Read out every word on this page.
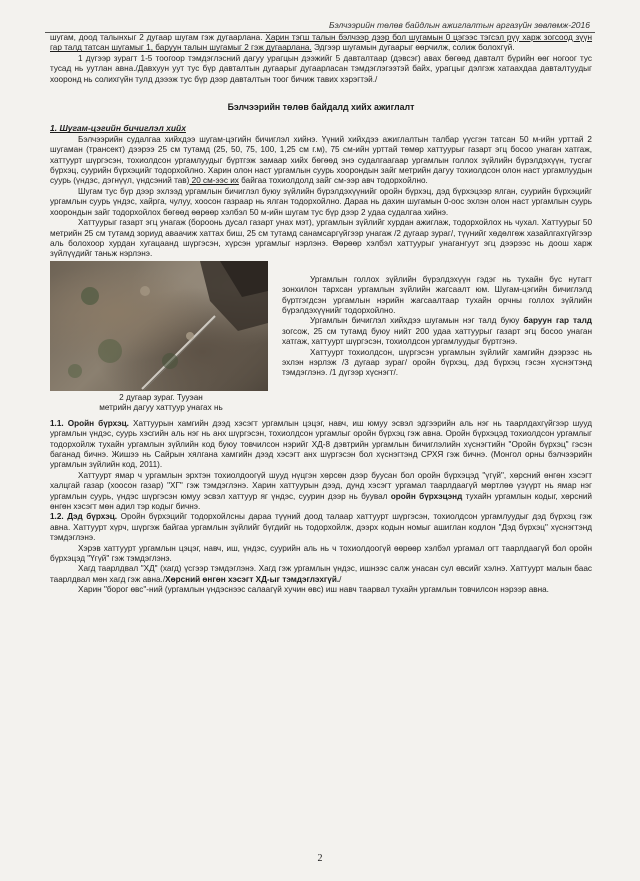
Бэлчээрийн төлөв байдлын ажиглалтын аргазүйн зөвлөмж-2016

шугам, доод талынхыг 2 дугаар шугам гэж дугаарлана. Харин тэгш талын бэлчээр дээр бол шугамын 0 цэгээс тэгсэл рүү харж зогсоод зүүн гар талд татсан шугамыг 1, баруун талын шугамыг 2 гэж дугаарлана. Эдгээр шугамын дугаарыг өөрчилж, солиж болохгүй.

1 дүгээр зурагт 1-5 тоогоор тэмдэглэсний дагуу урагцын дээжийг 5 давталтаар (дэвсэг) авах бөгөөд давталт бүрийн өөг ногоог тус тусад нь уутлан авна./Давхуун уут тус бүр давталтын дугаарыг дугаарласан тэмдэглэгээтэй байх, урагцыг дэлгэж хатааxдаа давталтуудыг хооронд нь солихгүйн тулд дэээж тус бүр дээр давталтын тоог бичиж тавих хэрэгтэй./

Бэлчээрийн төлөв байдалд хийх ажиглалт
1. Шугам-цэгийн бичиглэл хийх

Бэлчээрийн судалгаа хийхдээ шугам-цэгийн бичиглэл хийнэ. Үүний хийхдээ ажиглалтын талбар үүсгэн татсан 50 м-ийн урттай 2 шугаман (трансект) дээрээ 25 см тутамд (25, 50, 75, 100, 1,25 см г.м), 75 см-ийн урттай төмөр хаттуурыг газарт эгц босоо унаган хатгаж, хаттуурт шүргэсэн, тохиолдсон ургамлуудыг бүртгэж замаар хийх бөгөөд энэ судалгаагаар ургамлын голлох зүйлийн бүрэлдэхүүн, тусгаг бүрхэц, суурийн бүрхэцийг тодорхойлно. Харин олон наст ургамлын суурь хоорондын зайг метрийн дагуу тохиолдсон олон наст ургамлуудын суурь (үндэс, дэгнүүл, үндсэний тав) 20 см-ээс их байгаа тохиолдолд зайг см-ээр авч тодорхойлно.

Шугам тус бүр дээр эхлээд ургамлын бичиглэл буюу зүйлийн бүрэлдэхүүнийг оройн бүрхэц, дэд бүрхэцээр ялган, суурийн бүрхэцийг ургамлын суурь үндэс, хайрга, чулуу, хоосон газраар нь ялган тодорхойлно. Дараа нь дахин шугамын 0-оос эхлэн олон наст ургамлын суурь хоорондын зайг тодорхойлох бөгөөд өөрөөр хэлбэл 50 м-ийн шугам тус бүр дээр 2 удаа судалгаа хийнэ.

Хаттуурыг газарт эгц унагаж (бороонь дусал газарт унах мэт), ургамлын зүйлийг хурдан ажиглаж, тодорхойлох нь чухал. Хаттуурыг 50 метрийн 25 см тутамд зориуд аваачиж хаттах биш, 25 см тутамд санамсаргүйгээр унагаж /2 дугаар зураг/, түүнийг хөдөлгөж хазайлгахгүйгээр аль болохоор хурдан хугацаанд шүргэсэн, хүрсэн ургамлыг нэрлэнэ. Өөрөөр хэлбэл хаттуурыг унагангуут эгц дээрээс нь доош харж зүйлүүдийг таньж нэрлэнэ.

2 дугаар зураг. Тууэан
метрийн дагуу хаттуур унагах нь

Ургамлын голлох зүйлийн бүрэлдэхүүн гэдэг нь тухайн бүс нутагт зонхилон тархсан ургамлын зүйлийн жагсаалт юм. Шугам-цэгийн бичиглэлд бүртгэгдсэн ургамлын нэрийн жагсаалтаар тухайн орчны голлох зүйлийн бүрэлдэхүүнийг тодорхойлно.

Ургамлын бичиглэл хийхдээ шугамын нэг талд буюу баруун гар талд зогсож, 25 см тутамд буюу нийт 200 удаа хаттуурыг газарт эгц босоо унаган хатгаж, хаттуурт шүргэсэн, тохиолдсон ургамлуудыг бүртгэнэ.

Хаттуурт тохиолдсон, шүргэсэн ургамлын зүйлийг хамгийн дээрээс нь эхлэн нэрлэж /3 дугаар зураг/ оройн бүрхэц, дэд бүрхэц гэсэн хүснэгтэнд тэмдэглэнэ. /1 дүгээр хүснэгт/.

1.1. Оройн бүрхэц. Хаттуурын хамгийн дээд хэсэгт ургамлын цэцэг, навч, иш юмуу эсвэл эдгээрийн аль нэг нь таарлдахгүйгээр шууд ургамлын үндэс, суурь хэсгийн аль нэг нь анх шүргэсэн, тохиолдсон ургамлыг оройн бүрхэц гэж авна. Оройн бүрхэцэд тохиолдсон ургамлыг тодорхойлж тухайн ургамлын зүйлийн код буюу товчилсон нэрийг ХД-8 дэвтрийн ургамлын бичиглэлийн хүснэгтийн "Оройн бүрхэц" гэсэн баганад бичнэ. Жишээ нь Сайрын хялгана хамгийн дээд хэсэгт анх шүргэсэн бол хүснэгтэнд СРХЯ гэж бичнэ. (Монгол орны бэлчээрийн ургамлын зүйлийн код, 2011).

Хаттуурт ямар ч ургамлын эрхтэн тохиолдоогүй шууд нүцгэн хөрсөн дээр буусан бол оройн бүрхэцэд "үгүй", хөрсний өнгөн хэсэгт халцгай газар (хоосон газар) "ХГ" гэж тэмдэглэнэ. Харин хаттуурын дээд, дунд хэсэгт ургамал таарлдаагүй мөртлөө үзүүрт нь ямар нэг ургамлын суурь, үндэс шүргэсэн юмуу эсвэл хаттуур яг үндэс, суурин дээр нь буувал оройн бүрхэцэнд тухайн ургамлын кодыг, хөрсний өнгөн хэсэгт мөн адил тэр кодыг бичнэ.

1.2. Дэд бүрхэц. Оройн бүрхэцийг тодорхойлсны дараа түүний доод талаар хаттуурт шүргэсэн, тохиолдсон ургамлуудыг дэд бүрхэц гэж авна. Хаттуурт хүрч, шүргэж байгаа ургамлын зүйлийг бүгдийг нь тодорхойлж, дээрх кодын номыг ашиглан кодлон "Дэд бүрхэц" хүснэгтэнд тэмдэглэнэ.

Хэрэв хаттуурт ургамлын цэцэг, навч, иш, үндэс, суурийн аль нь ч тохиолдоогүй өөрөөр хэлбэл ургамал огт таарлдаагүй бол оройн бүрхэцэд "Үгүй" гэж тэмдэглэнэ.

Хагд таарлдвал "ХД" (хагд) үсгээр тэмдэглэнэ. Хагд гэж ургамлын үндэс, ишнээс салж унасан сул өвсийг хэлнэ. Хаттуурт малын баас таарлдвал мөн хагд гэж авна./Хөрсний өнгөн хэсэгт ХД-ыг тэмдэглэхгүй./

Харин "борог өвс"-ний (ургамлын үндэснээс салаагүй хучин өвс) иш навч таарвал тухайн ургамлын товчилсон нэрээр авна.

2
